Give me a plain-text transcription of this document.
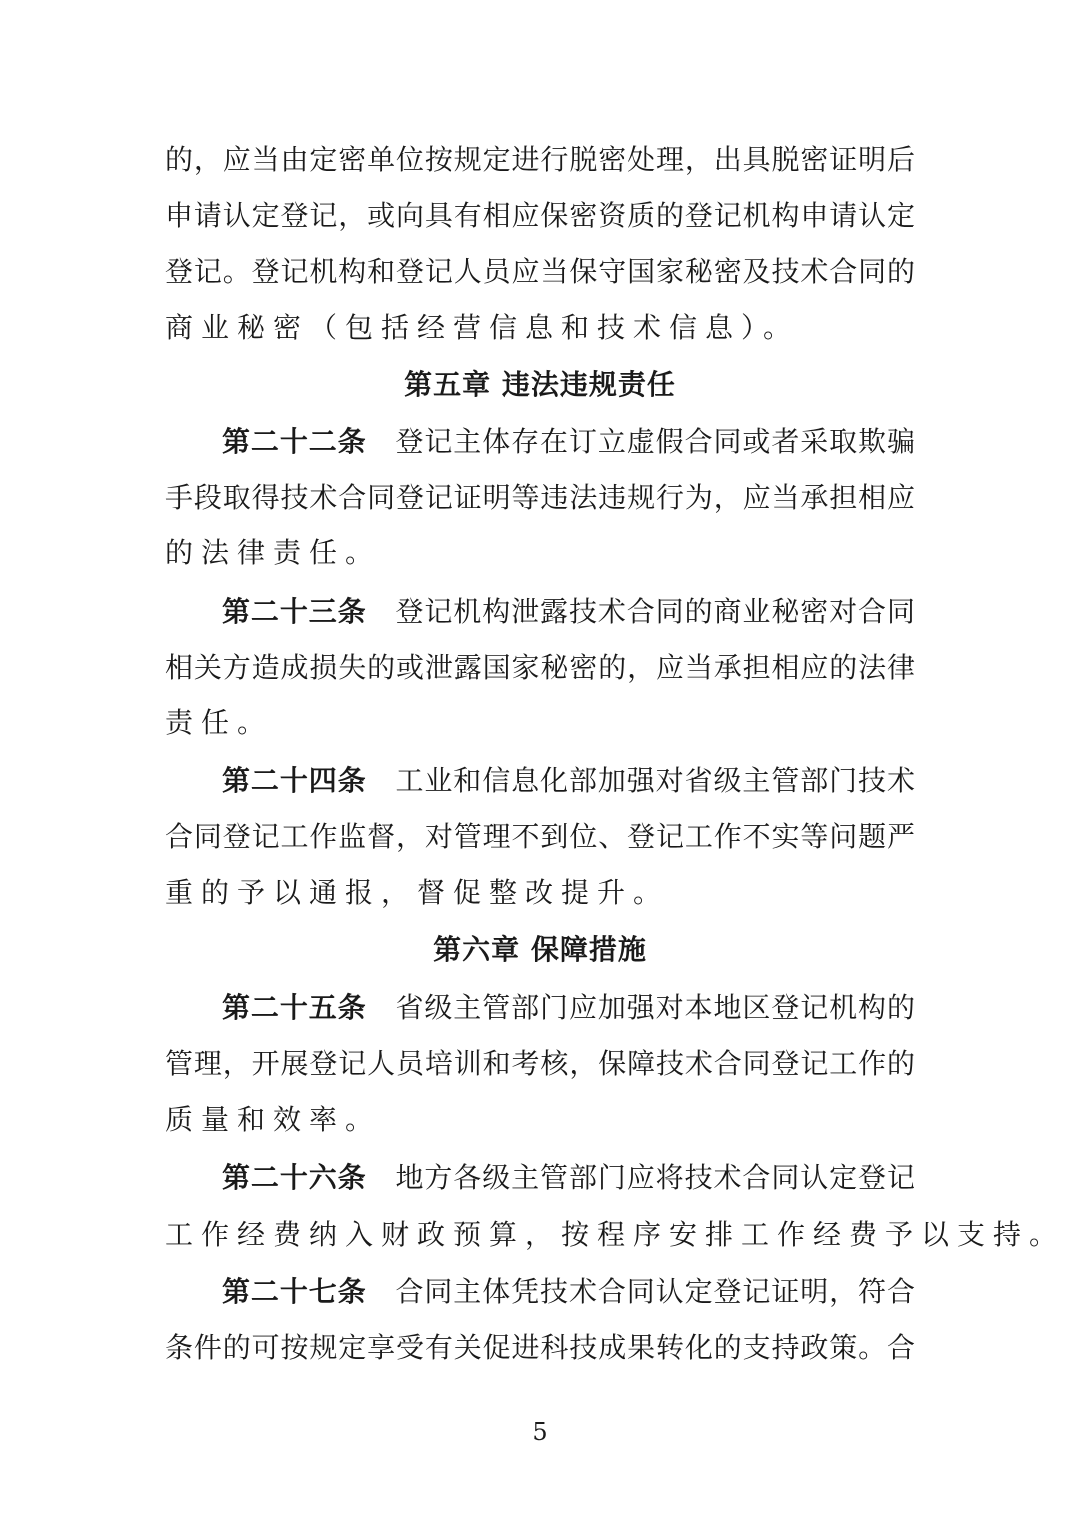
的，应当由定密单位按规定进行脱密处理，出具脱密证明后
申请认定登记，或向具有相应保密资质的登记机构申请认定
登记。登记机构和登记人员应当保守国家秘密及技术合同的
商业秘密（包括经营信息和技术信息）。
第五章 违法违规责任
第二十二条　 登记主体存在订立虚假合同或者采取欺骗
手段取得技术合同登记证明等违法违规行为，应当承担相应
的法律责任。
第二十三条　 登记机构泄露技术合同的商业秘密对合同
相关方造成损失的或泄露国家秘密的，应当承担相应的法律
责任。
第二十四条　 工业和信息化部加强对省级主管部门技术
合同登记工作监督，对管理不到位、登记工作不实等问题严
重的予以通报，督促整改提升。
第六章 保障措施
第二十五条　 省级主管部门应加强对本地区登记机构的
管理，开展登记人员培训和考核，保障技术合同登记工作的
质量和效率。
第二十六条　 地方各级主管部门应将技术合同认定登记
工作经费纳入财政预算，按程序安排工作经费予以支持。
第二十七条　 合同主体凭技术合同认定登记证明，符合
条件的可按规定享受有关促进科技成果转化的支持政策。合
5
